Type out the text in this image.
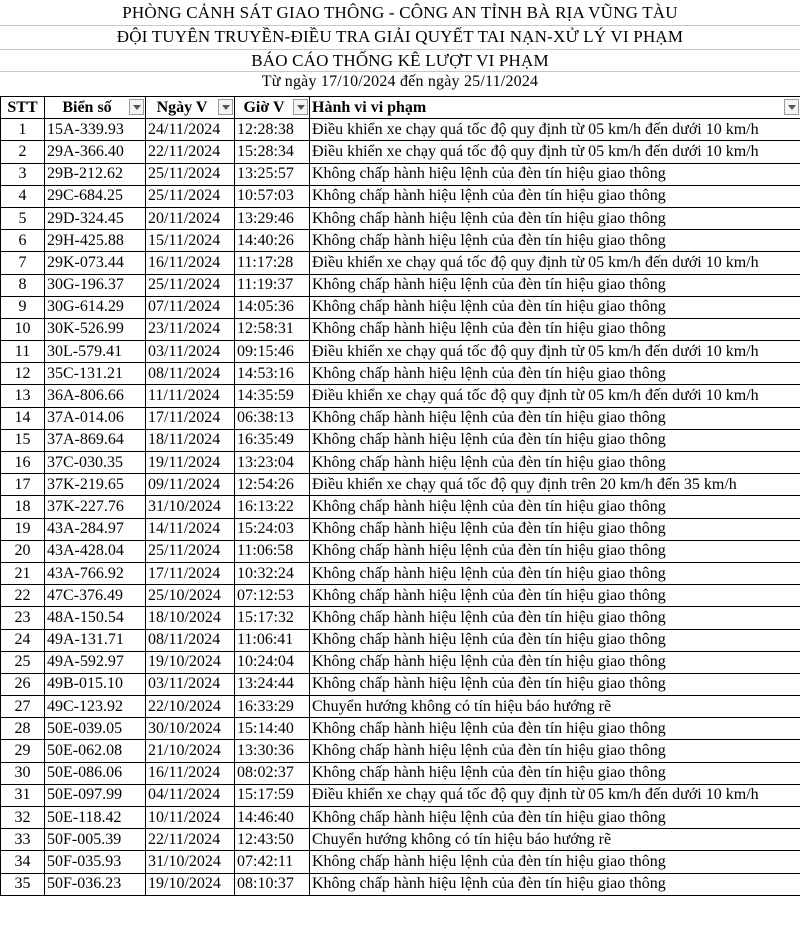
PHÒNG CẢNH SÁT GIAO THÔNG - CÔNG AN TỈNH BÀ RỊA VŨNG TÀU
ĐỘI TUYÊN TRUYỀN-ĐIỀU TRA GIẢI QUYẾT TAI NẠN-XỬ LÝ VI PHẠM
BÁO CÁO THỐNG KÊ LƯỢT VI PHẠM
Từ ngày 17/10/2024 đến ngày 25/11/2024
STT	Biển số	Ngày V	Giờ V	Hành vi vi phạm

1	15A-339.93	24/11/2024	12:28:38	Điều khiển xe chạy quá tốc độ quy định từ 05 km/h đến dưới 10 km/h
2	29A-366.40	22/11/2024	15:28:34	Điều khiển xe chạy quá tốc độ quy định từ 05 km/h đến dưới 10 km/h
3	29B-212.62	25/11/2024	13:25:57	Không chấp hành hiệu lệnh của đèn tín hiệu giao thông
4	29C-684.25	25/11/2024	10:57:03	Không chấp hành hiệu lệnh của đèn tín hiệu giao thông
5	29D-324.45	20/11/2024	13:29:46	Không chấp hành hiệu lệnh của đèn tín hiệu giao thông
6	29H-425.88	15/11/2024	14:40:26	Không chấp hành hiệu lệnh của đèn tín hiệu giao thông
7	29K-073.44	16/11/2024	11:17:28	Điều khiển xe chạy quá tốc độ quy định từ 05 km/h đến dưới 10 km/h
8	30G-196.37	25/11/2024	11:19:37	Không chấp hành hiệu lệnh của đèn tín hiệu giao thông
9	30G-614.29	07/11/2024	14:05:36	Không chấp hành hiệu lệnh của đèn tín hiệu giao thông
10	30K-526.99	23/11/2024	12:58:31	Không chấp hành hiệu lệnh của đèn tín hiệu giao thông
11	30L-579.41	03/11/2024	09:15:46	Điều khiển xe chạy quá tốc độ quy định từ 05 km/h đến dưới 10 km/h
12	35C-131.21	08/11/2024	14:53:16	Không chấp hành hiệu lệnh của đèn tín hiệu giao thông
13	36A-806.66	11/11/2024	14:35:59	Điều khiển xe chạy quá tốc độ quy định từ 05 km/h đến dưới 10 km/h
14	37A-014.06	17/11/2024	06:38:13	Không chấp hành hiệu lệnh của đèn tín hiệu giao thông
15	37A-869.64	18/11/2024	16:35:49	Không chấp hành hiệu lệnh của đèn tín hiệu giao thông
16	37C-030.35	19/11/2024	13:23:04	Không chấp hành hiệu lệnh của đèn tín hiệu giao thông
17	37K-219.65	09/11/2024	12:54:26	Điều khiển xe chạy quá tốc độ quy định trên 20 km/h đến 35 km/h
18	37K-227.76	31/10/2024	16:13:22	Không chấp hành hiệu lệnh của đèn tín hiệu giao thông
19	43A-284.97	14/11/2024	15:24:03	Không chấp hành hiệu lệnh của đèn tín hiệu giao thông
20	43A-428.04	25/11/2024	11:06:58	Không chấp hành hiệu lệnh của đèn tín hiệu giao thông
21	43A-766.92	17/11/2024	10:32:24	Không chấp hành hiệu lệnh của đèn tín hiệu giao thông
22	47C-376.49	25/10/2024	07:12:53	Không chấp hành hiệu lệnh của đèn tín hiệu giao thông
23	48A-150.54	18/10/2024	15:17:32	Không chấp hành hiệu lệnh của đèn tín hiệu giao thông
24	49A-131.71	08/11/2024	11:06:41	Không chấp hành hiệu lệnh của đèn tín hiệu giao thông
25	49A-592.97	19/10/2024	10:24:04	Không chấp hành hiệu lệnh của đèn tín hiệu giao thông
26	49B-015.10	03/11/2024	13:24:44	Không chấp hành hiệu lệnh của đèn tín hiệu giao thông
27	49C-123.92	22/10/2024	16:33:29	Chuyển hướng không có tín hiệu báo hướng rẽ
28	50E-039.05	30/10/2024	15:14:40	Không chấp hành hiệu lệnh của đèn tín hiệu giao thông
29	50E-062.08	21/10/2024	13:30:36	Không chấp hành hiệu lệnh của đèn tín hiệu giao thông
30	50E-086.06	16/11/2024	08:02:37	Không chấp hành hiệu lệnh của đèn tín hiệu giao thông
31	50E-097.99	04/11/2024	15:17:59	Điều khiển xe chạy quá tốc độ quy định từ 05 km/h đến dưới 10 km/h
32	50E-118.42	10/11/2024	14:46:40	Không chấp hành hiệu lệnh của đèn tín hiệu giao thông
33	50F-005.39	22/11/2024	12:43:50	Chuyển hướng không có tín hiệu báo hướng rẽ
34	50F-035.93	31/10/2024	07:42:11	Không chấp hành hiệu lệnh của đèn tín hiệu giao thông
35	50F-036.23	19/10/2024	08:10:37	Không chấp hành hiệu lệnh của đèn tín hiệu giao thông
